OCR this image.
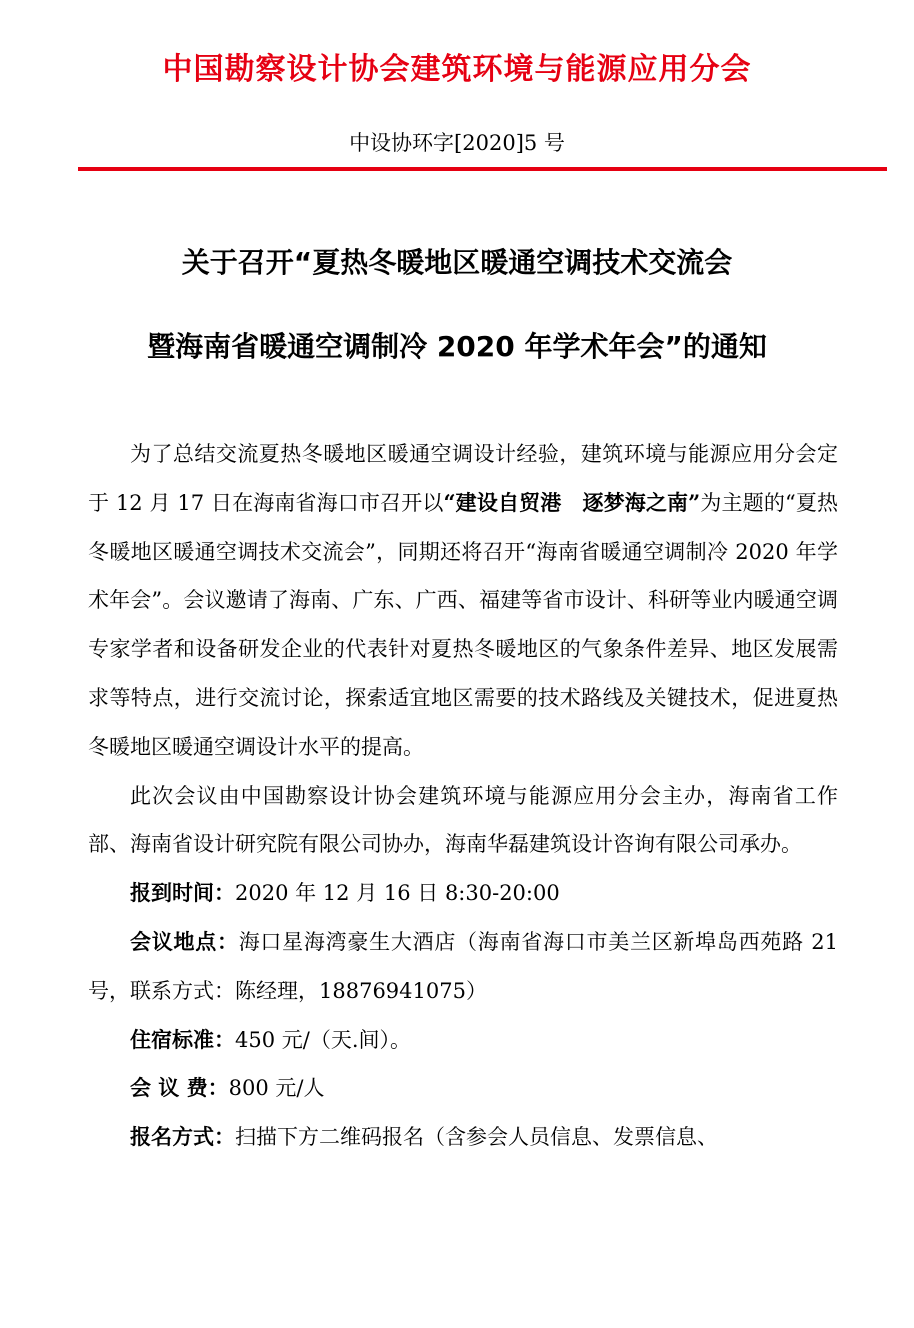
中国勘察设计协会建筑环境与能源应用分会
中设协环字[2020]5 号
关于召开“夏热冬暖地区暖通空调技术交流会
暨海南省暖通空调制冷 2020 年学术年会”的通知

为了总结交流夏热冬暖地区暖通空调设计经验，建筑环境与能源应用分会定于 12 月 17 日在海南省海口市召开以“建设自贸港　逐梦海之南”为主题的“夏热冬暖地区暖通空调技术交流会”，同期还将召开“海南省暖通空调制冷 2020 年学术年会”。会议邀请了海南、广东、广西、福建等省市设计、科研等业内暖通空调专家学者和设备研发企业的代表针对夏热冬暖地区的气象条件差异、地区发展需求等特点，进行交流讨论，探索适宜地区需要的技术路线及关键技术，促进夏热冬暖地区暖通空调设计水平的提高。

此次会议由中国勘察设计协会建筑环境与能源应用分会主办，海南省工作部、海南省设计研究院有限公司协办，海南华磊建筑设计咨询有限公司承办。

报到时间：2020 年 12 月 16 日 8:30-20:00

会议地点：海口星海湾豪生大酒店（海南省海口市美兰区新埠岛西苑路 21 号，联系方式：陈经理，18876941075）

住宿标准：450 元/（天.间）。

会 议 费：800 元/人

报名方式：扫描下方二维码报名（含参会人员信息、发票信息、
